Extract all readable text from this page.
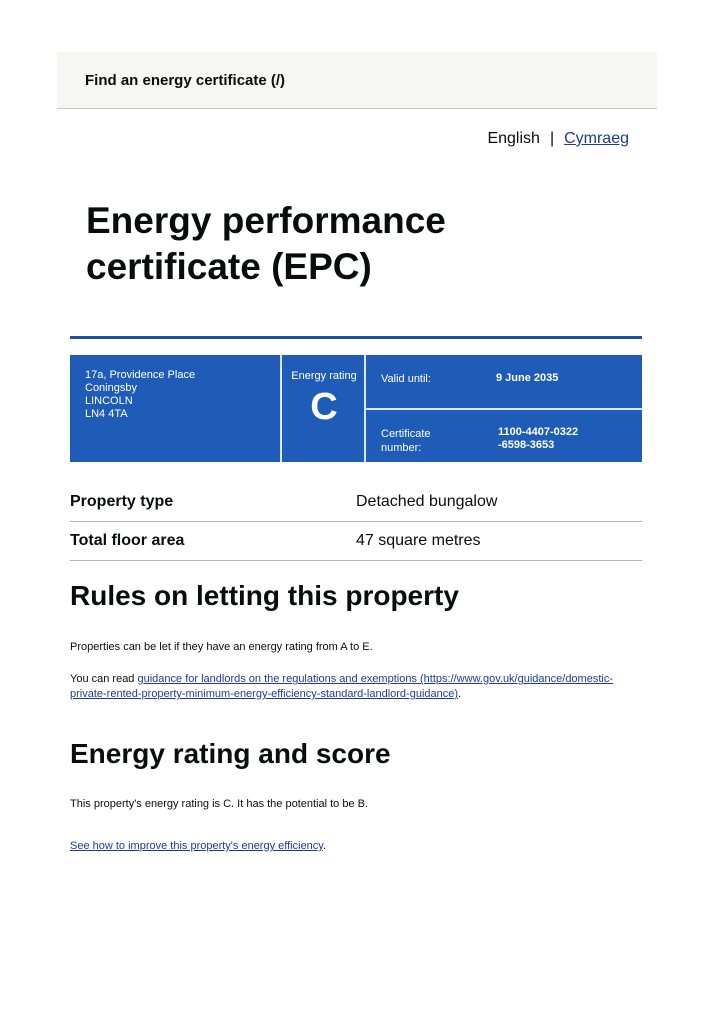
Find an energy certificate (/)
English | Cymraeg
Energy performance certificate (EPC)
17a, Providence Place
Coningsby
LINCOLN
LN4 4TA
Energy rating
C
Valid until:	9 June 2035
Certificate number:
1100-4407-0322 -6598-3653
Property type	Detached bungalow
Total floor area	47 square metres
Rules on letting this property
Properties can be let if they have an energy rating from A to E.
You can read guidance for landlords on the regulations and exemptions (https://www.gov.uk/guidance/domestic-private-rented-property-minimum-energy-efficiency-standard-landlord-guidance).
Energy rating and score
This property's energy rating is C. It has the potential to be B.
See how to improve this property's energy efficiency.
